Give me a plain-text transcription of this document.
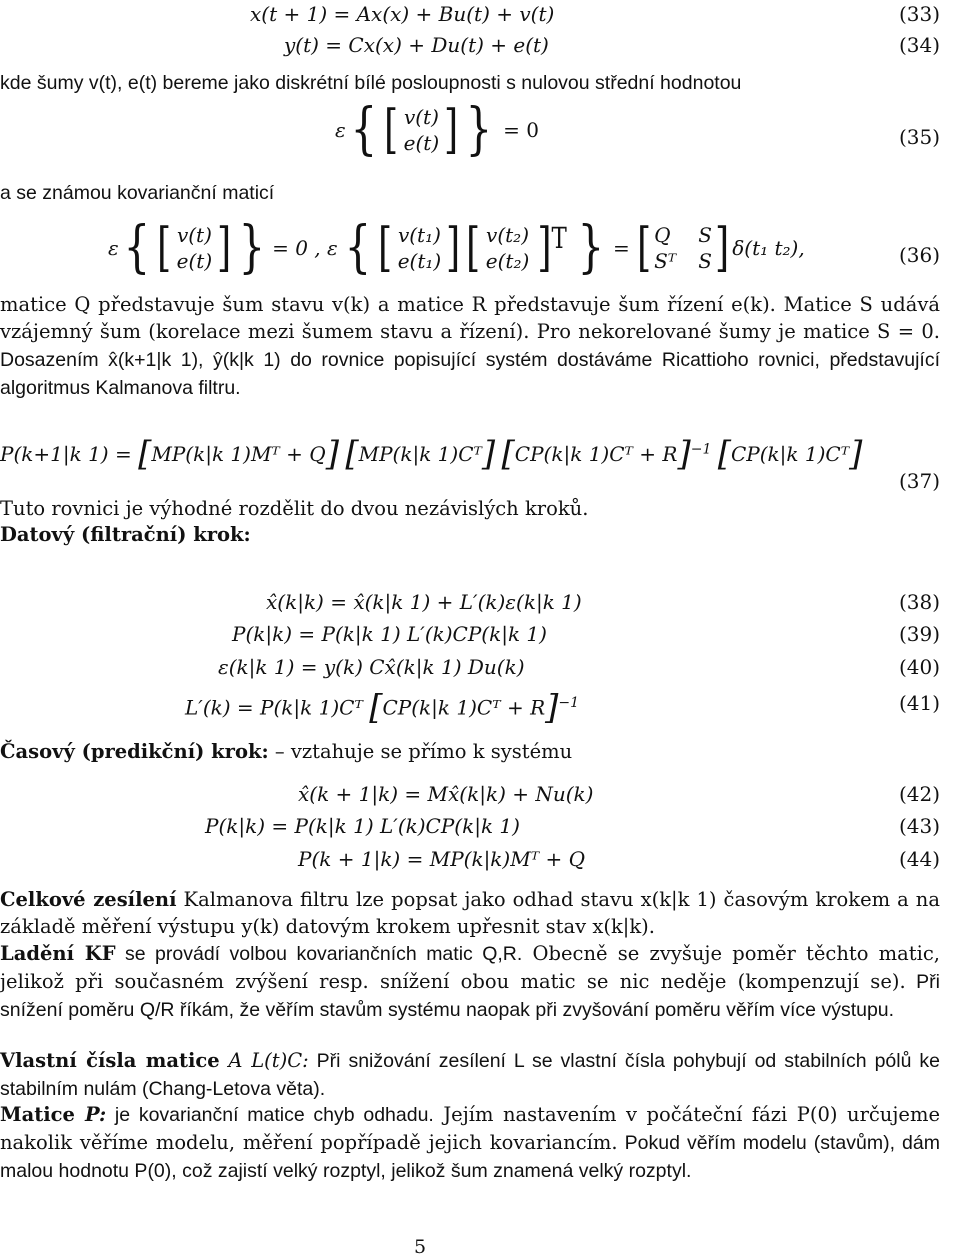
x(t + 1) = Ax(x) + Bu(t) + v(t)	(33)
y(t) = Cx(x) + Du(t) + e(t)	(34)
kde šumy v(t), e(t) bereme jako diskrétní bílé posloupnosti s nulovou střední hodnotou
ε { [ v(t)
e(t) ] } = 0	(35)
a se známou kovarianční maticí
ε { [ v(t)
e(t) ] } = 0 , ε { [ v(t₁)
e(t₁) ] [ v(t₂)
e(t₂) ]ᵀ } = [ Q S
Sᵀ S ] δ(t₁ t₂),	(36)

matice Q představuje šum stavu v(k) a matice R představuje šum řízení e(k). Matice S udává vzájemný šum (korelace mezi šumem stavu a řízení). Pro nekorelované šumy je matice S = 0. Dosazením x̂(k+1|k 1), ŷ(k|k 1) do rovnice popisující systém dostáváme Ricattioho rovnici, představující algoritmus Kalmanova filtru.

P(k+1|k 1) = [MP(k|k 1)Mᵀ + Q] [MP(k|k 1)Cᵀ] [CP(k|k 1)Cᵀ + R]$^{-1}$ [CP(k|k 1)Cᵀ]
(37)
Tuto rovnici je výhodné rozdělit do dvou nezávislých kroků.
Datový (filtrační) krok:
x̂(k|k) = x̂(k|k 1) + L′(k)ε(k|k 1)	(38)
P(k|k) = P(k|k 1) L′(k)CP(k|k 1)	(39)
ε(k|k 1) = y(k) Cx̂(k|k 1) Du(k)	(40)
L′(k) = P(k|k 1)Cᵀ [CP(k|k 1)Cᵀ + R]$^{-1}$	(41)
Časový (predikční) krok: – vztahuje se přímo k systému
x̂(k + 1|k) = Mx̂(k|k) + Nu(k)	(42)
P(k|k) = P(k|k 1) L′(k)CP(k|k 1)	(43)
P(k + 1|k) = MP(k|k)Mᵀ + Q	(44)

Celkové zesílení Kalmanova filtru lze popsat jako odhad stavu x(k|k 1) časovým krokem a na základě měření výstupu y(k) datovým krokem upřesnit stav x(k|k).

Ladění KF se provádí volbou kovariančních matic Q,R. Obecně se zvyšuje poměr těchto matic, jelikož při současném zvýšení resp. snížení obou matic se nic neděje (kompenzují se). Při snížení poměru Q/R říkám, že věřím stavům systému naopak při zvyšování poměru věřím více výstupu.

Vlastní čísla matice A L(t)C: Při snižování zesílení L se vlastní čísla pohybují od stabilních pólů ke stabilním nulám (Chang-Letova věta).

Matice P: je kovarianční matice chyb odhadu. Jejím nastavením v počáteční fázi P(0) určujeme nakolik věříme modelu, měření popřípadě jejich kovariancím. Pokud věřím modelu (stavům), dám malou hodnotu P(0), což zajistí velký rozptyl, jelikož šum znamená velký rozptyl.

5
